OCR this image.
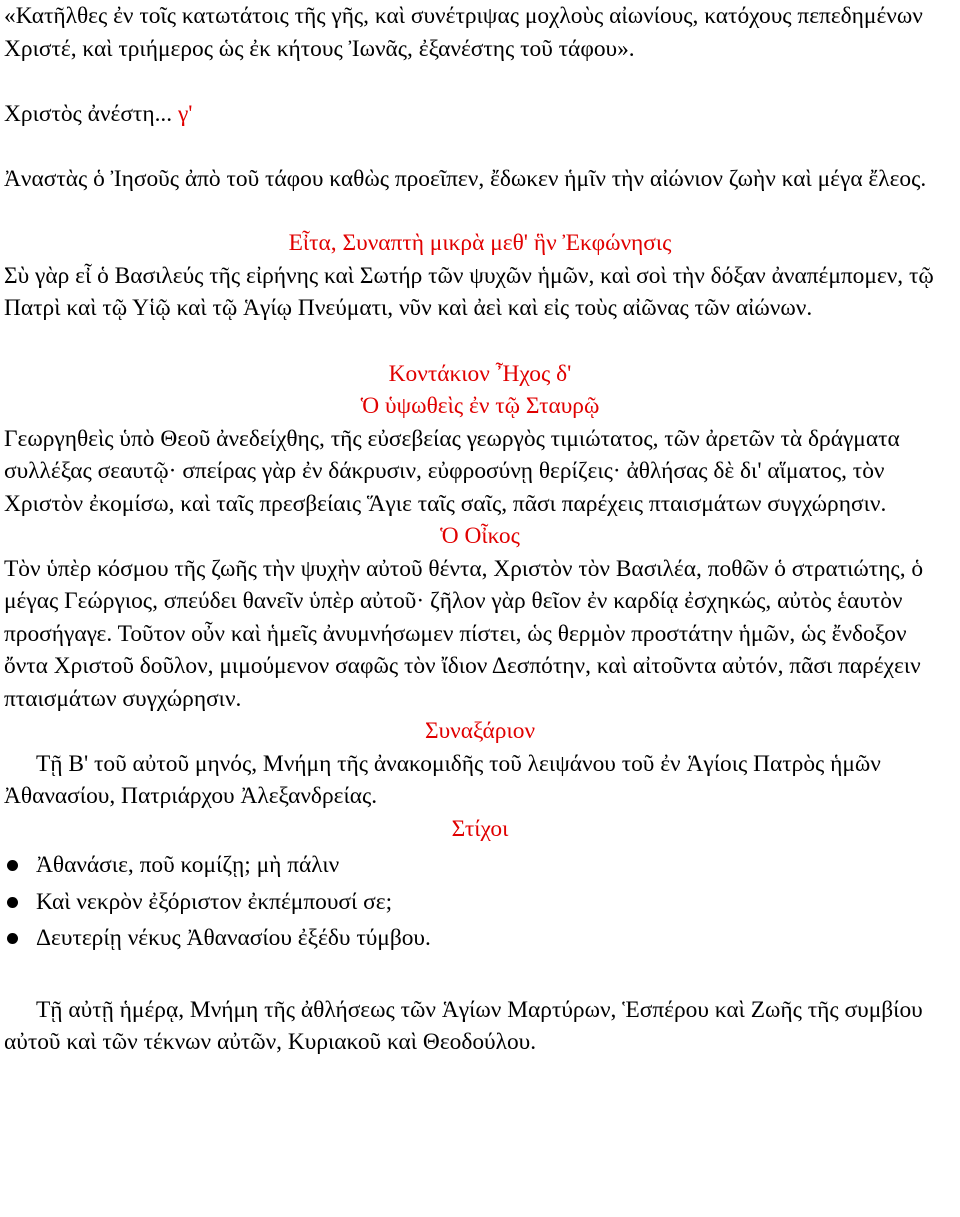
«Κατῆλθες ἐν τοῖς κατωτάτοις τῆς γῆς, καὶ συνέτριψας μοχλοὺς αἰωνίους, κατόχους πεπεδημένων Χριστέ, καὶ τριήμερος ὡς ἐκ κήτους Ἰωνᾶς, ἐξανέστης τοῦ τάφου».

Χριστὸς ἀνέστη... γ'

Ἀναστὰς ὁ Ἰησοῦς ἀπὸ τοῦ τάφου καθὼς προεῖπεν, ἔδωκεν ἡμῖν τὴν αἰώνιον ζωὴν καὶ μέγα ἔλεος.

Εἶτα, Συναπτὴ μικρὰ μεθ' ἣν Ἐκφώνησις

Σὺ γὰρ εἶ ὁ Βασιλεύς τῆς εἰρήνης καὶ Σωτήρ τῶν ψυχῶν ἡμῶν, καὶ σοὶ τὴν δόξαν ἀναπέμπομεν, τῷ Πατρὶ καὶ τῷ Υἱῷ καὶ τῷ Ἁγίῳ Πνεύματι, νῦν καὶ ἀεὶ καὶ εἰς τοὺς αἰῶνας τῶν αἰώνων.

Κοντάκιον Ἦχος δ'

Ὁ ὑψωθεὶς ἐν τῷ Σταυρῷ

Γεωργηθεὶς ὑπὸ Θεοῦ ἀνεδείχθης, τῆς εὐσεβείας γεωργὸς τιμιώτατος, τῶν ἀρετῶν τὰ δράγματα συλλέξας σεαυτῷ· σπείρας γὰρ ἐν δάκρυσιν, εὐφροσύνῃ θερίζεις· ἀθλήσας δὲ δι' αἵματος, τὸν Χριστὸν ἐκομίσω, καὶ ταῖς πρεσβείαις Ἅγιε ταῖς σαῖς, πᾶσι παρέχεις πταισμάτων συγχώρησιν.

Ὁ Οἶκος

Τὸν ὑπὲρ κόσμου τῆς ζωῆς τὴν ψυχὴν αὐτοῦ θέντα, Χριστὸν τὸν Βασιλέα, ποθῶν ὁ στρατιώτης, ὁ μέγας Γεώργιος, σπεύδει θανεῖν ὑπὲρ αὐτοῦ· ζῆλον γὰρ θεῖον ἐν καρδίᾳ ἐσχηκώς, αὐτὸς ἑαυτὸν προσήγαγε. Τοῦτον οὖν καὶ ἡμεῖς ἀνυμνήσωμεν πίστει, ὡς θερμὸν προστάτην ἡμῶν, ὡς ἔνδοξον ὄντα Χριστοῦ δοῦλον, μιμούμενον σαφῶς τὸν ἴδιον Δεσπότην, καὶ αἰτοῦντα αὐτόν, πᾶσι παρέχειν πταισμάτων συγχώρησιν.

Συναξάριον

Τῇ Β' τοῦ αὐτοῦ μηνός, Μνήμη τῆς ἀνακομιδῆς τοῦ λειψάνου τοῦ ἐν Ἁγίοις Πατρὸς ἡμῶν Ἀθανασίου, Πατριάρχου Ἀλεξανδρείας.

Στίχοι

Ἀθανάσιε, ποῦ κομίζῃ; μὴ πάλιν
Καὶ νεκρὸν ἐξόριστον ἐκπέμπουσί σε;
Δευτερίῃ νέκυς Ἀθανασίου ἐξέδυ τύμβου.

Τῇ αὐτῇ ἡμέρᾳ, Μνήμη τῆς ἀθλήσεως τῶν Ἁγίων Μαρτύρων, Ἑσπέρου καὶ Ζωῆς τῆς συμβίου αὐτοῦ καὶ τῶν τέκνων αὐτῶν, Κυριακοῦ καὶ Θεοδούλου.
